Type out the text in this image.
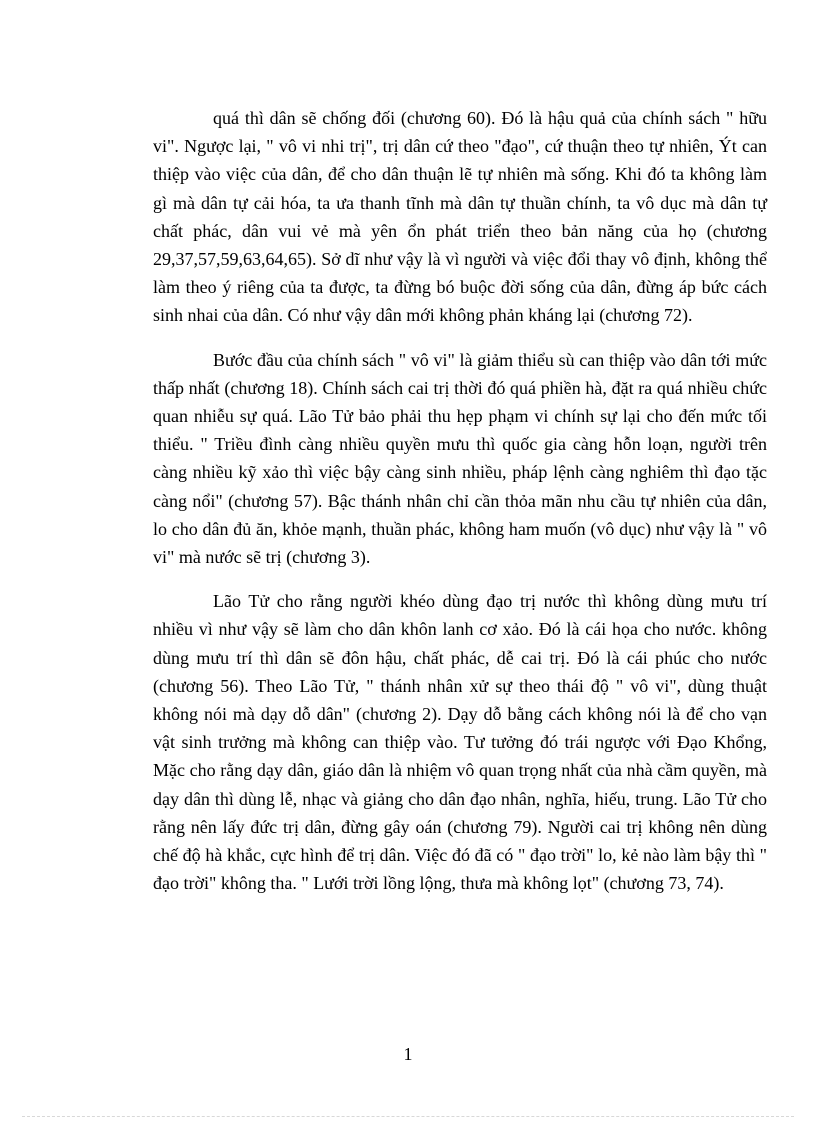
quá thì dân sẽ chống đối (chương 60). Đó là hậu quả của chính sách " hữu vi". Ngược lại, " vô vi nhi trị", trị dân cứ theo "đạo", cứ thuận theo tự nhiên, Ýt can thiệp vào việc của dân, để cho dân thuận lẽ tự nhiên mà sống. Khi đó ta không làm gì mà dân tự cải hóa, ta ưa thanh tĩnh mà dân tự thuần chính, ta vô dục mà dân tự chất phác, dân vui vẻ mà yên ổn phát triển theo bản năng của họ (chương 29,37,57,59,63,64,65). Sở dĩ như vậy là vì người và việc đổi thay vô định, không thể làm theo ý riêng của ta được, ta đừng bó buộc đời sống của dân, đừng áp bức cách sinh nhai của dân. Có như vậy dân mới không phản kháng lại (chương 72).

Bước đầu của chính sách " vô vi" là giảm thiểu sù can thiệp vào dân tới mức thấp nhất (chương 18). Chính sách cai trị thời đó quá phiền hà, đặt ra quá nhiều chức quan nhiễu sự quá. Lão Tử bảo phải thu hẹp phạm vi chính sự lại cho đến mức tối thiểu. " Triều đình càng nhiều quyền mưu thì quốc gia càng hỗn loạn, người trên càng nhiều kỹ xảo thì việc bậy càng sinh nhiều, pháp lệnh càng nghiêm thì đạo tặc càng nổi" (chương 57). Bậc thánh nhân chỉ cần thỏa mãn nhu cầu tự nhiên của dân, lo cho dân đủ ăn, khỏe mạnh, thuần phác, không ham muốn (vô dục) như vậy là " vô vi" mà nước sẽ trị (chương 3).

Lão Tử cho rằng người khéo dùng đạo trị nước thì không dùng mưu trí nhiều vì như vậy sẽ làm cho dân khôn lanh cơ xảo. Đó là cái họa cho nước. không dùng mưu trí thì dân sẽ đôn hậu, chất phác, dễ cai trị. Đó là cái phúc cho nước (chương 56). Theo Lão Tử, " thánh nhân xử sự theo thái độ " vô vi", dùng thuật không nói mà dạy dỗ dân" (chương 2). Dạy dỗ bằng cách không nói là để cho vạn vật sinh trưởng mà không can thiệp vào. Tư tưởng đó trái ngược với Đạo Khổng, Mặc cho rằng dạy dân, giáo dân là nhiệm vô quan trọng nhất của nhà cầm quyền, mà dạy dân thì dùng lễ, nhạc và giảng cho dân đạo nhân, nghĩa, hiếu, trung. Lão Tử cho rằng nên lấy đức trị dân, đừng gây oán (chương 79). Người cai trị không nên dùng chế độ hà khắc, cực hình để trị dân. Việc đó đã có " đạo trời" lo, kẻ nào làm bậy thì " đạo trời" không tha. " Lưới trời lồng lộng, thưa mà không lọt" (chương 73, 74).

1
